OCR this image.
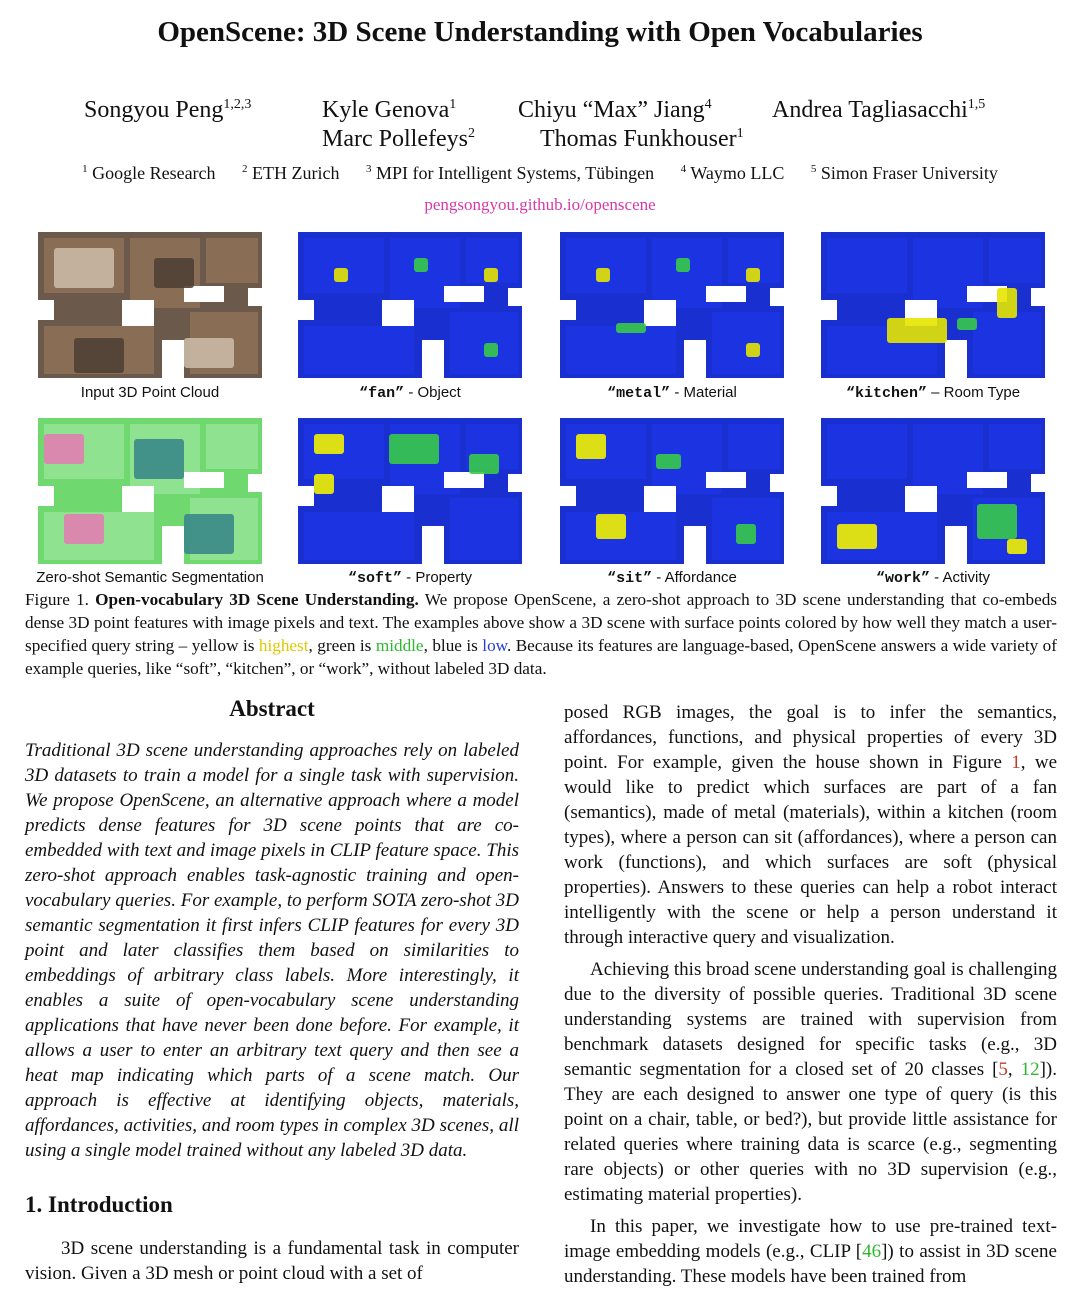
OpenScene: 3D Scene Understanding with Open Vocabularies
Songyou Peng$^{1,2,3}$	Kyle Genova$^1$	Chiyu “Max” Jiang$^4$	Andrea Tagliasacchi$^{1,5}$
Marc Pollefeys$^2$	Thomas Funkhouser$^1$
$^1$ Google Research $^2$ ETH Zurich $^3$ MPI for Intelligent Systems, Tübingen $^4$ Waymo LLC $^5$ Simon Fraser University
pengsongyou.github.io/openscene
Input 3D Point Cloud	“fan” - Object	“metal” - Material	“kitchen” – Room Type
Zero-shot Semantic Segmentation	“soft” - Property	“sit” - Affordance	“work” - Activity
Figure 1. Open-vocabulary 3D Scene Understanding. We propose OpenScene, a zero-shot approach to 3D scene understanding that co-embeds dense 3D point features with image pixels and text. The examples above show a 3D scene with surface points colored by how well they match a user-specified query string – yellow is highest, green is middle, blue is low. Because its features are language-based, OpenScene answers a wide variety of example queries, like “soft”, “kitchen”, or “work”, without labeled 3D data.
Abstract

Traditional 3D scene understanding approaches rely on labeled 3D datasets to train a model for a single task with supervision. We propose OpenScene, an alternative approach where a model predicts dense features for 3D scene points that are co-embedded with text and image pixels in CLIP feature space. This zero-shot approach enables task-agnostic training and open-vocabulary queries. For example, to perform SOTA zero-shot 3D semantic segmentation it first infers CLIP features for every 3D point and later classifies them based on similarities to embeddings of arbitrary class labels. More interestingly, it enables a suite of open-vocabulary scene understanding applications that have never been done before. For example, it allows a user to enter an arbitrary text query and then see a heat map indicating which parts of a scene match. Our approach is effective at identifying objects, materials, affordances, activities, and room types in complex 3D scenes, all using a single model trained without any labeled 3D data.

1. Introduction

3D scene understanding is a fundamental task in computer vision. Given a 3D mesh or point cloud with a set of

posed RGB images, the goal is to infer the semantics, affordances, functions, and physical properties of every 3D point. For example, given the house shown in Figure 1, we would like to predict which surfaces are part of a fan (semantics), made of metal (materials), within a kitchen (room types), where a person can sit (affordances), where a person can work (functions), and which surfaces are soft (physical properties). Answers to these queries can help a robot interact intelligently with the scene or help a person understand it through interactive query and visualization.

Achieving this broad scene understanding goal is challenging due to the diversity of possible queries. Traditional 3D scene understanding systems are trained with supervision from benchmark datasets designed for specific tasks (e.g., 3D semantic segmentation for a closed set of 20 classes [5, 12]). They are each designed to answer one type of query (is this point on a chair, table, or bed?), but provide little assistance for related queries where training data is scarce (e.g., segmenting rare objects) or other queries with no 3D supervision (e.g., estimating material properties).

In this paper, we investigate how to use pre-trained text-image embedding models (e.g., CLIP [46]) to assist in 3D scene understanding. These models have been trained from
